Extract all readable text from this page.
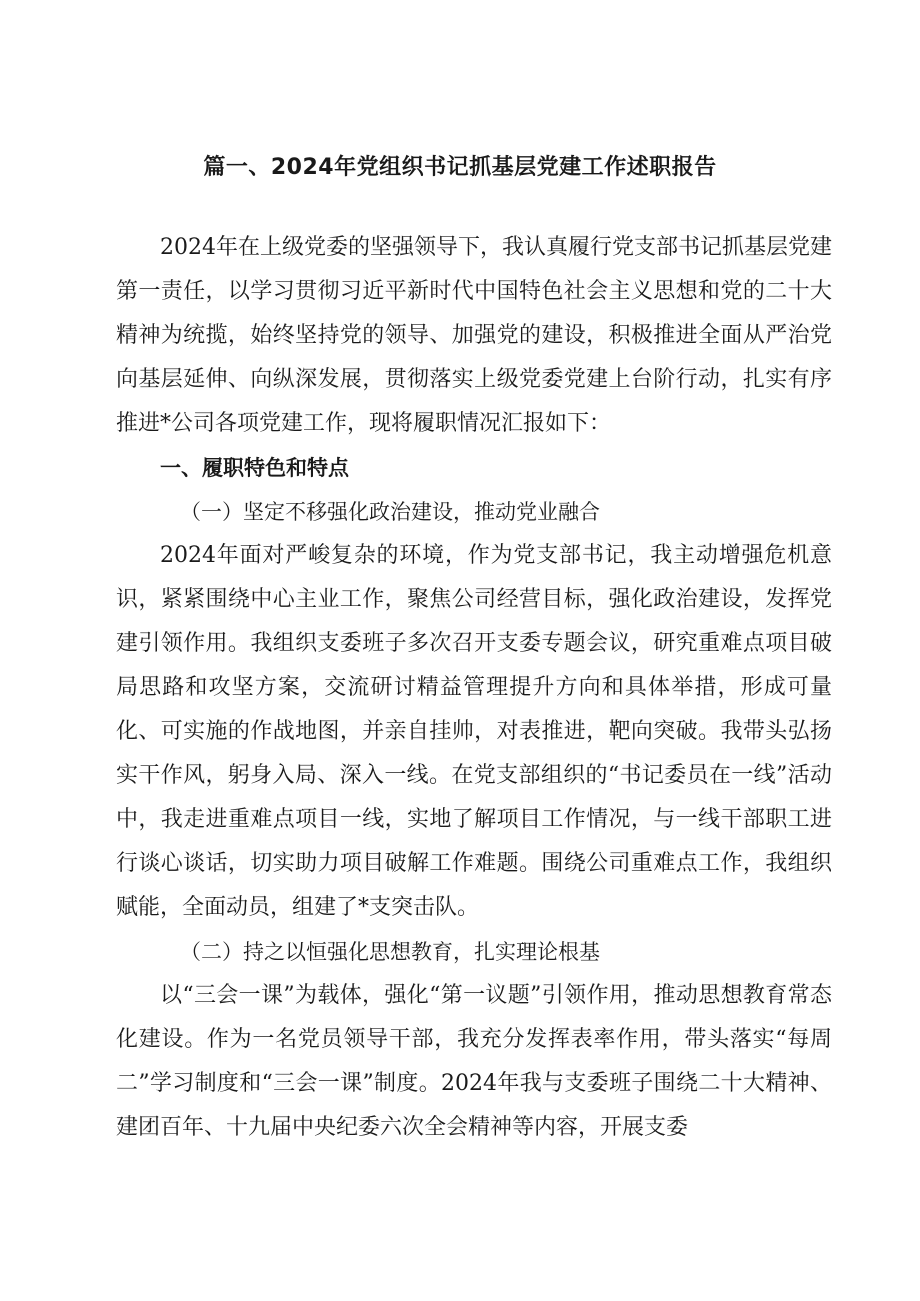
篇一、2024年党组织书记抓基层党建工作述职报告

2024年在上级党委的坚强领导下，我认真履行党支部书记抓基层党建第一责任，以学习贯彻习近平新时代中国特色社会主义思想和党的二十大精神为统揽，始终坚持党的领导、加强党的建设，积极推进全面从严治党向基层延伸、向纵深发展，贯彻落实上级党委党建上台阶行动，扎实有序推进*公司各项党建工作，现将履职情况汇报如下：

一、履职特色和特点
（一）坚定不移强化政治建设，推动党业融合

2024年面对严峻复杂的环境，作为党支部书记，我主动增强危机意识，紧紧围绕中心主业工作，聚焦公司经营目标，强化政治建设，发挥党建引领作用。我组织支委班子多次召开支委专题会议，研究重难点项目破局思路和攻坚方案，交流研讨精益管理提升方向和具体举措，形成可量化、可实施的作战地图，并亲自挂帅，对表推进，靶向突破。我带头弘扬实干作风，躬身入局、深入一线。在党支部组织的“书记委员在一线”活动中，我走进重难点项目一线，实地了解项目工作情况，与一线干部职工进行谈心谈话，切实助力项目破解工作难题。围绕公司重难点工作，我组织赋能，全面动员，组建了*支突击队。

（二）持之以恒强化思想教育，扎实理论根基

以“三会一课”为载体，强化“第一议题”引领作用，推动思想教育常态化建设。作为一名党员领导干部，我充分发挥表率作用，带头落实“每周二”学习制度和“三会一课”制度。2024年我与支委班子围绕二十大精神、建团百年、十九届中央纪委六次全会精神等内容，开展支委
